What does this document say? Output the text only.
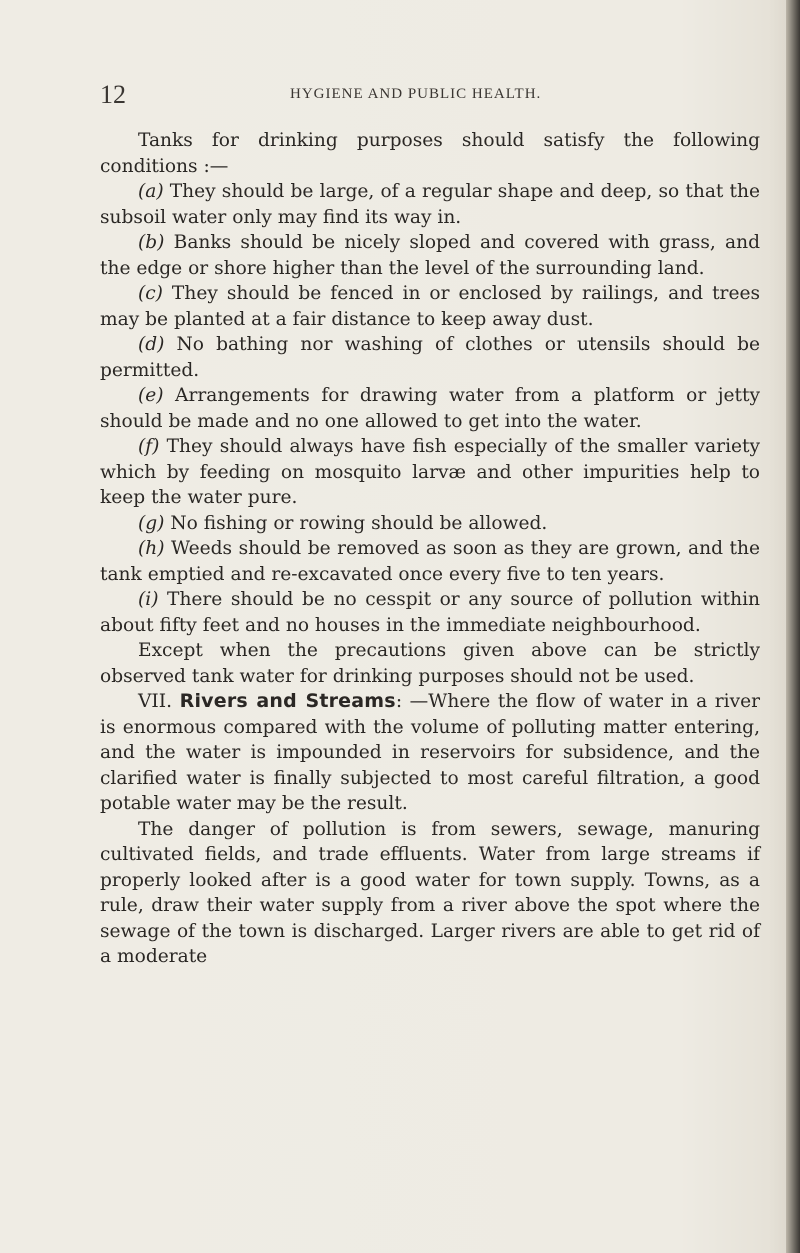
12	HYGIENE AND PUBLIC HEALTH.

Tanks for drinking purposes should satisfy the following conditions :—

(a) They should be large, of a regular shape and deep, so that the subsoil water only may find its way in.

(b) Banks should be nicely sloped and covered with grass, and the edge or shore higher than the level of the surrounding land.

(c) They should be fenced in or enclosed by railings, and trees may be planted at a fair distance to keep away dust.

(d) No bathing nor washing of clothes or utensils should be permitted.

(e) Arrangements for drawing water from a platform or jetty should be made and no one allowed to get into the water.

(f) They should always have fish especially of the smaller variety which by feeding on mosquito larvæ and other impurities help to keep the water pure.

(g) No fishing or rowing should be allowed.

(h) Weeds should be removed as soon as they are grown, and the tank emptied and re-excavated once every five to ten years.

(i) There should be no cesspit or any source of pollution within about fifty feet and no houses in the immediate neighbourhood.

Except when the precautions given above can be strictly observed tank water for drinking purposes should not be used.

VII. Rivers and Streams: —Where the flow of water in a river is enormous compared with the volume of polluting matter entering, and the water is impounded in reservoirs for subsidence, and the clarified water is finally subjected to most careful filtration, a good potable water may be the result.

The danger of pollution is from sewers, sewage, manuring cultivated fields, and trade effluents. Water from large streams if properly looked after is a good water for town supply. Towns, as a rule, draw their water supply from a river above the spot where the sewage of the town is discharged. Larger rivers are able to get rid of a moderate
